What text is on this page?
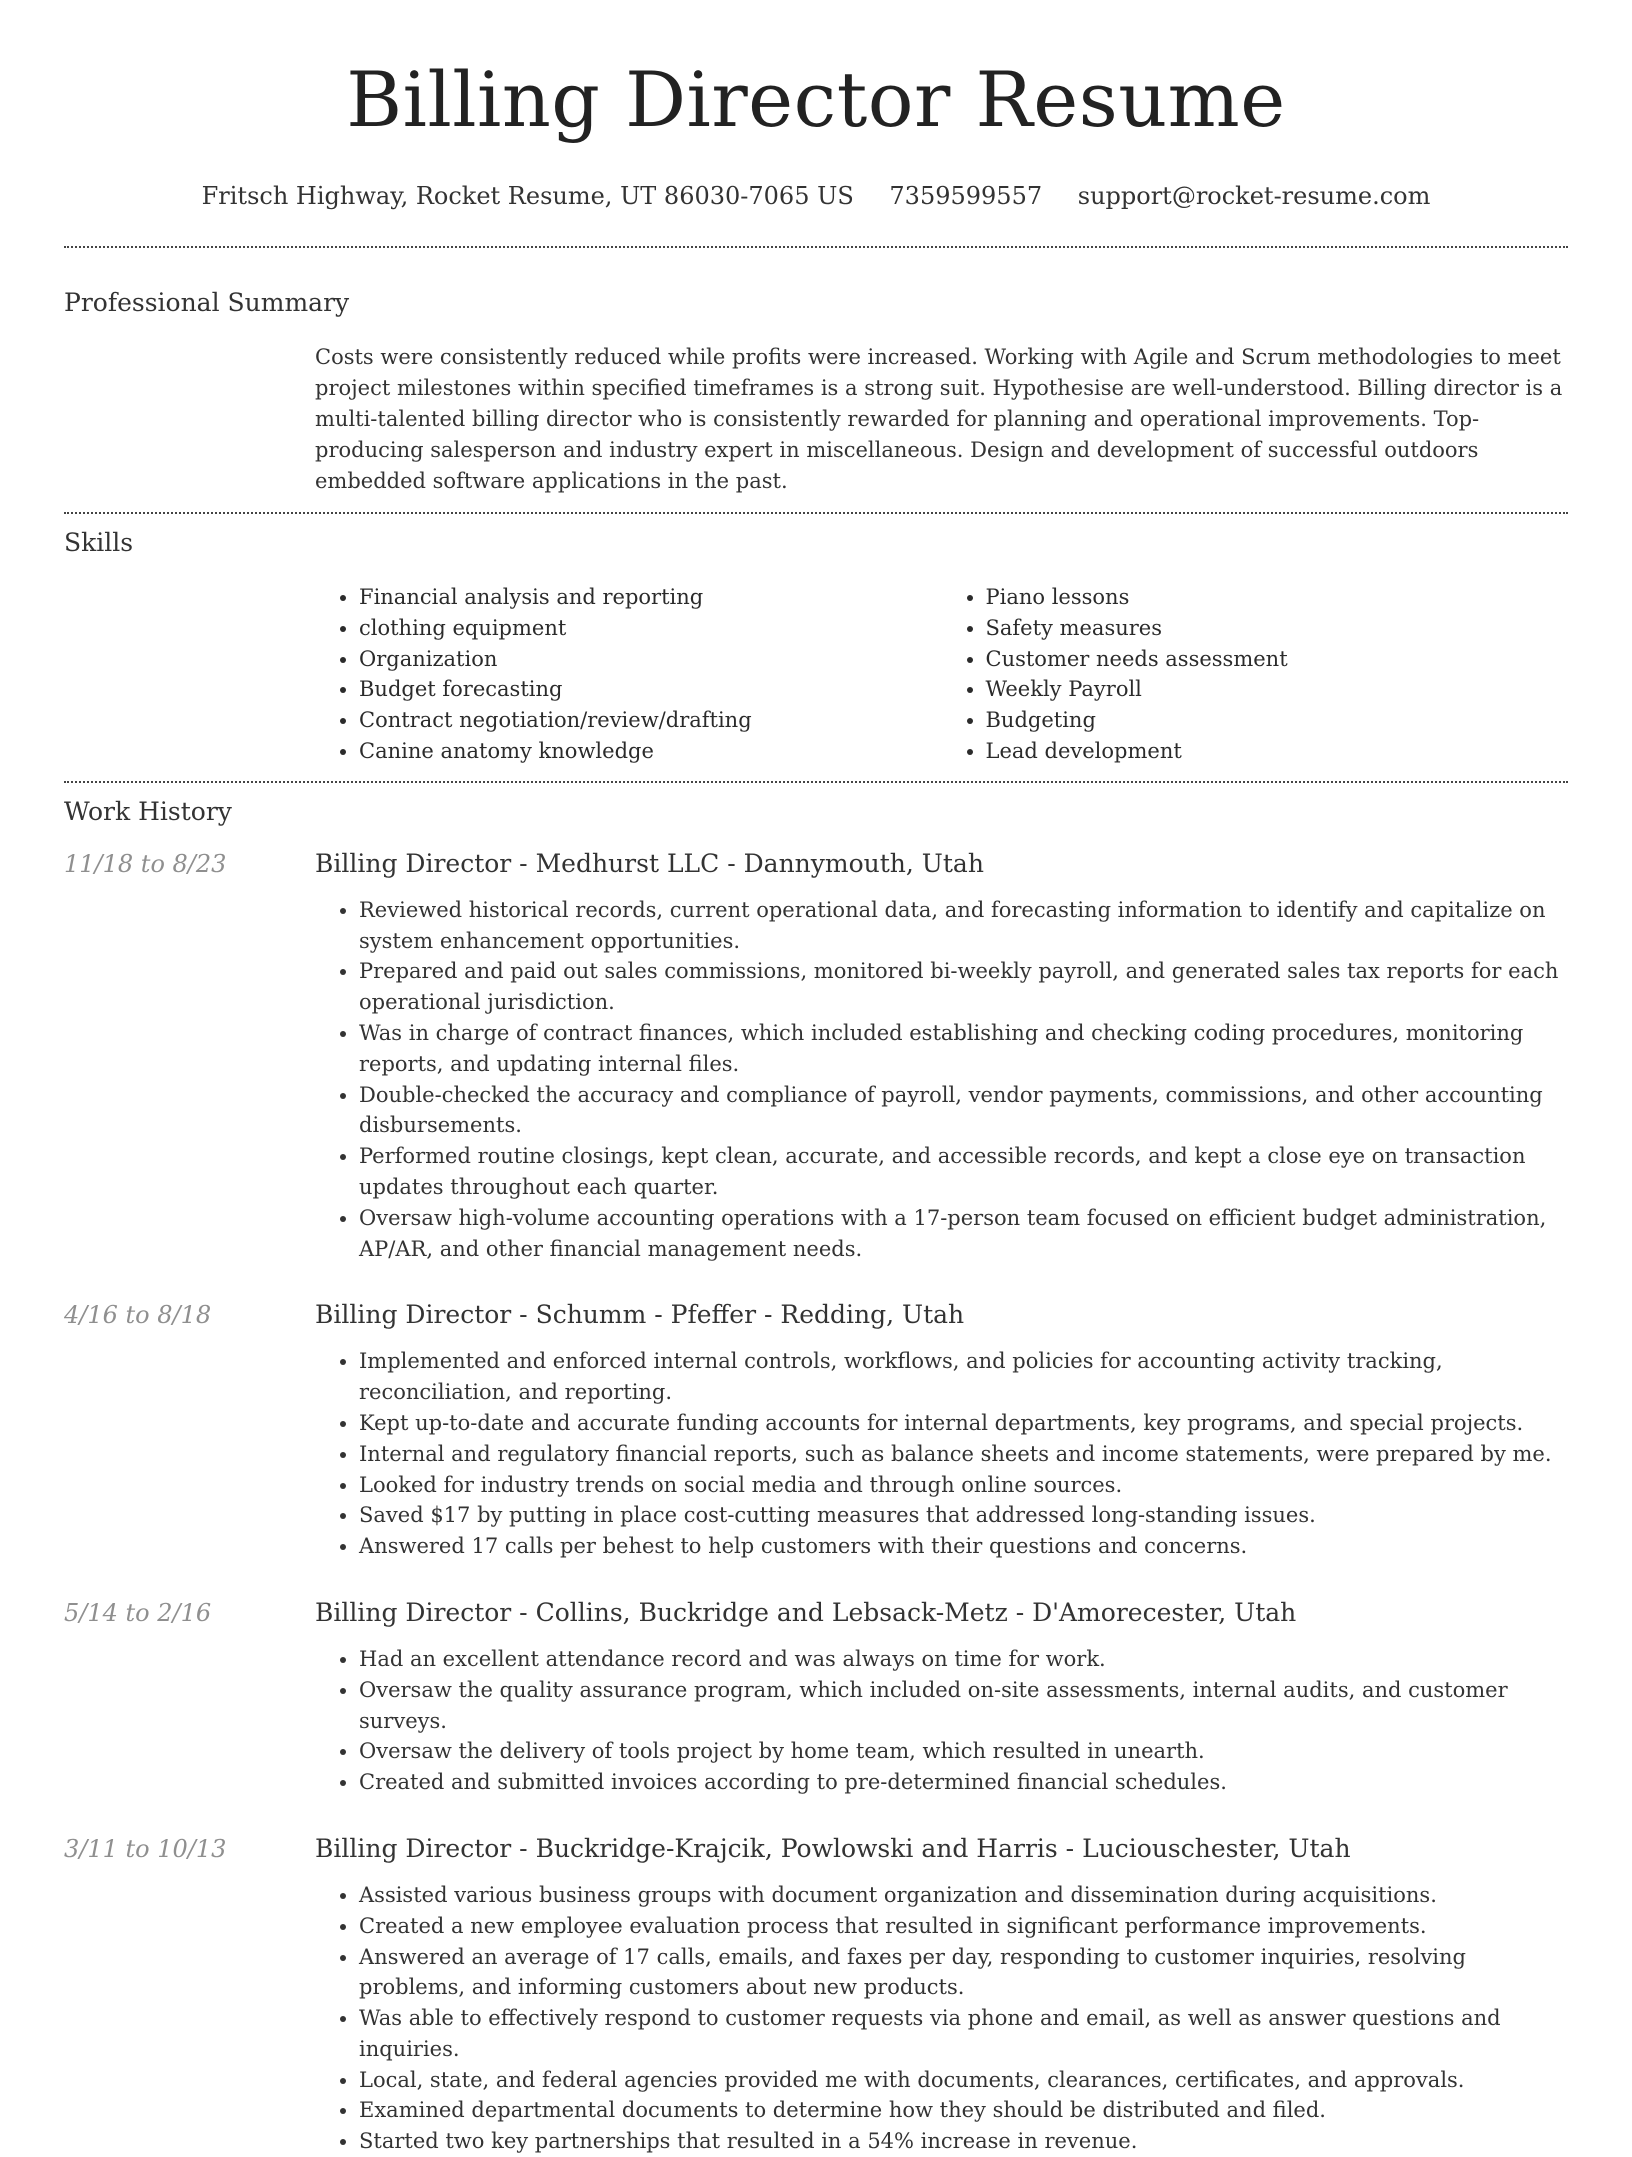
Billing Director Resume
Fritsch Highway, Rocket Resume, UT 86030-7065 US 7359599557 support@rocket-resume.com
Professional Summary
Costs were consistently reduced while profits were increased. Working with Agile and Scrum methodologies to meet project milestones within specified timeframes is a strong suit. Hypothesise are well-understood. Billing director is a multi-talented billing director who is consistently rewarded for planning and operational improvements. Top-producing salesperson and industry expert in miscellaneous. Design and development of successful outdoors embedded software applications in the past.
Skills
• Financial analysis and reporting
• clothing equipment
• Organization
• Budget forecasting
• Contract negotiation/review/drafting
• Canine anatomy knowledge
• Piano lessons
• Safety measures
• Customer needs assessment
• Weekly Payroll
• Budgeting
• Lead development
Work History
11/18 to 8/23	Billing Director - Medhurst LLC - Dannymouth, Utah
• Reviewed historical records, current operational data, and forecasting information to identify and capitalize on system enhancement opportunities.
• Prepared and paid out sales commissions, monitored bi-weekly payroll, and generated sales tax reports for each operational jurisdiction.
• Was in charge of contract finances, which included establishing and checking coding procedures, monitoring reports, and updating internal files.
• Double-checked the accuracy and compliance of payroll, vendor payments, commissions, and other accounting disbursements.
• Performed routine closings, kept clean, accurate, and accessible records, and kept a close eye on transaction updates throughout each quarter.
• Oversaw high-volume accounting operations with a 17-person team focused on efficient budget administration, AP/AR, and other financial management needs.
4/16 to 8/18	Billing Director - Schumm - Pfeffer - Redding, Utah
• Implemented and enforced internal controls, workflows, and policies for accounting activity tracking, reconciliation, and reporting.
• Kept up-to-date and accurate funding accounts for internal departments, key programs, and special projects.
• Internal and regulatory financial reports, such as balance sheets and income statements, were prepared by me.
• Looked for industry trends on social media and through online sources.
• Saved $17 by putting in place cost-cutting measures that addressed long-standing issues.
• Answered 17 calls per behest to help customers with their questions and concerns.
5/14 to 2/16	Billing Director - Collins, Buckridge and Lebsack-Metz - D'Amorecester, Utah
• Had an excellent attendance record and was always on time for work.
• Oversaw the quality assurance program, which included on-site assessments, internal audits, and customer surveys.
• Oversaw the delivery of tools project by home team, which resulted in unearth.
• Created and submitted invoices according to pre-determined financial schedules.
3/11 to 10/13	Billing Director - Buckridge-Krajcik, Powlowski and Harris - Luciouschester, Utah
• Assisted various business groups with document organization and dissemination during acquisitions.
• Created a new employee evaluation process that resulted in significant performance improvements.
• Answered an average of 17 calls, emails, and faxes per day, responding to customer inquiries, resolving problems, and informing customers about new products.
• Was able to effectively respond to customer requests via phone and email, as well as answer questions and inquiries.
• Local, state, and federal agencies provided me with documents, clearances, certificates, and approvals.
• Examined departmental documents to determine how they should be distributed and filed.
• Started two key partnerships that resulted in a 54% increase in revenue.
